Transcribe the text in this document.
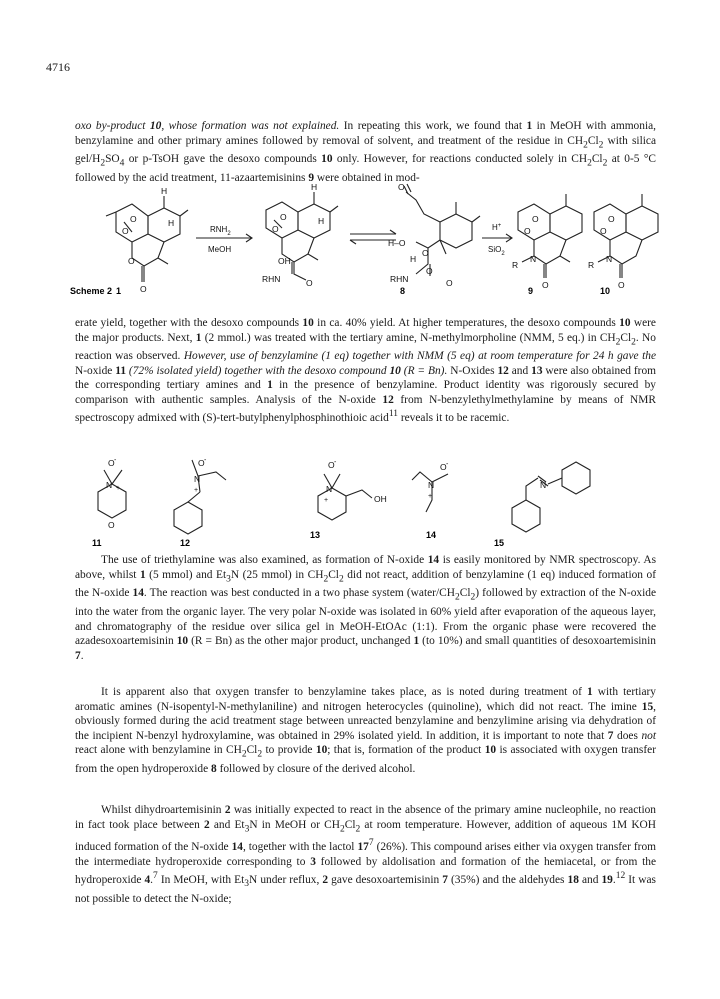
4716

oxo by-product 10, whose formation was not explained. In repeating this work, we found that 1 in MeOH with ammonia, benzylamine and other primary amines followed by removal of solvent, and treatment of the residue in $CH_2Cl_2$ with silica gel/$H_2SO_4$ or p-TsOH gave the desoxo compounds 10 only. However, for reactions conducted solely in $CH_2Cl_2$ at 0-5 °C followed by the acid treatment, 11-azaartemisinins 9 were obtained in mod-

H
H
O
O
O
O
H
H
O
O
OH
RHN	O
O
H–O
O
H
O
RHN	O
O
O
N
R
O
O
O
N
R
O
$RNH_2$
MeOH
H+
SiO$_2$
Scheme 2 1	8	9	10

erate yield, together with the desoxo compounds 10 in ca. 40% yield. At higher temperatures, the desoxo compounds 10 were the major products. Next, 1 (2 mmol.) was treated with the tertiary amine, N-methylmorpholine (NMM, 5 eq.) in $CH_2Cl_2$. No reaction was observed. However, use of benzylamine (1 eq) together with NMM (5 eq) at room temperature for 24 h gave the N-oxide 11 (72% isolated yield) together with the desoxo compound 10 (R = Bn). N-Oxides 12 and 13 were also obtained from the corresponding tertiary amines and 1 in the presence of benzylamine. Product identity was rigorously secured by comparison with authentic samples. Analysis of the N-oxide 12 from N-benzylethylmethylamine by means of NMR spectroscopy admixed with (S)-tert-butylphenylphosphinothioic acid$^{11}$ reveals it to be racemic.

O -
N +
O
O -
N
+
O -
N
+	OH
O -
N
+
N
11	12
13	14
15

The use of triethylamine was also examined, as formation of N-oxide 14 is easily monitored by NMR spectroscopy. As above, whilst 1 (5 mmol) and $Et_3N$ (25 mmol) in $CH_2Cl_2$ did not react, addition of benzylamine (1 eq) induced formation of the N-oxide 14. The reaction was best conducted in a two phase system $(water/CH_2Cl_2)$ followed by extraction of the N-oxide into the water from the organic layer. The very polar N-oxide was isolated in 60% yield after evaporation of the aqueous layer, and chromatography of the residue over silica gel in MeOH-EtOAc (1:1). From the organic phase were recovered the azadesoxoartemisinin 10 (R = Bn) as the other major product, unchanged 1 (to 10%) and small quantities of desoxoartemisinin 7.

It is apparent also that oxygen transfer to benzylamine takes place, as is noted during treatment of 1 with tertiary aromatic amines (N-isopentyl-N-methylaniline) and nitrogen heterocycles (quinoline), which did not react. The imine 15, obviously formed during the acid treatment stage between unreacted benzylamine and benzylimine arising via dehydration of the incipient N-benzyl hydroxylamine, was obtained in 29% isolated yield. In addition, it is important to note that 7 does not react alone with benzylamine in $CH_2Cl_2$ to provide 10; that is, formation of the product 10 is associated with oxygen transfer from the open hydroperoxide 8 followed by closure of the derived alcohol.

Whilst dihydroartemisinin 2 was initially expected to react in the absence of the primary amine nucleophile, no reaction in fact took place between 2 and $Et_3N$ in MeOH or $CH_2Cl_2$ at room temperature. However, addition of aqueous 1M KOH induced formation of the N-oxide 14, together with the lactol $17^7$ (26%). This compound arises either via oxygen transfer from the intermediate hydroperoxide corresponding to 3 followed by aldolisation and formation of the hemiacetal, or from the hydroperoxide 4.$^7$ In MeOH, with $Et_3N$ under reflux, 2 gave desoxoartemisinin 7 (35%) and the aldehydes 18 and 19.12 It was not possible to detect the N-oxide;
